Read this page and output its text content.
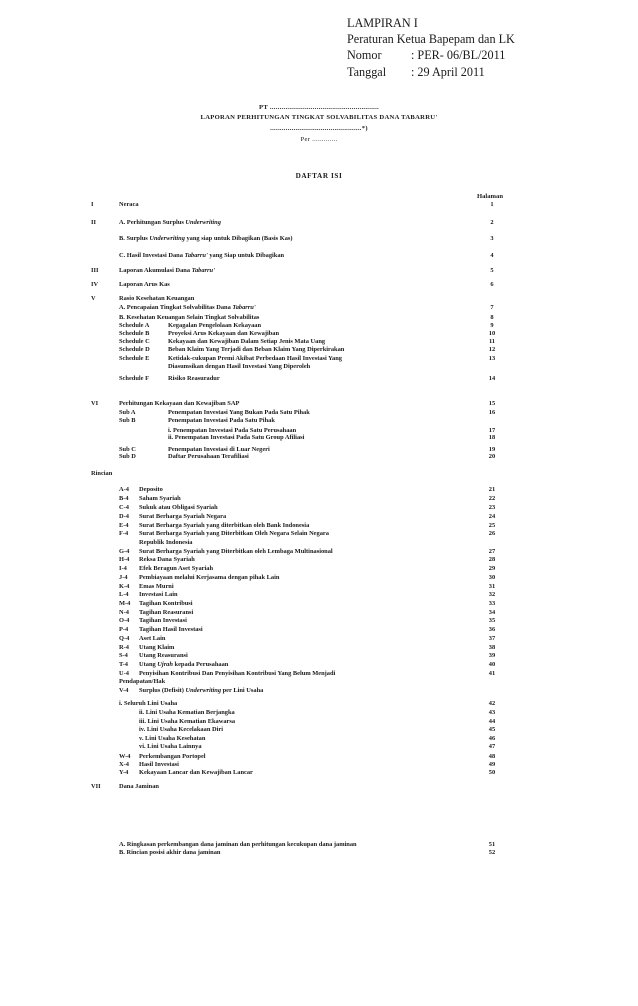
LAMPIRAN I
Peraturan Ketua Bapepam dan LK
Nomor : PER- 06/BL/2011
Tanggal : 29 April 2011
PT ........................................................
LAPORAN PERHITUNGAN TINGKAT SOLVABILITAS DANA TABARRU'
...............................................*)
Per .............
DAFTAR ISI
Halaman
I	Neraca	1
II	A. Perhitungan Surplus Underwriting	2
B. Surplus Underwriting yang siap untuk Dibagikan (Basis Kas)	3
C. Hasil Investasi Dana Tabarru' yang Siap untuk Dibagikan	4
III	Laporan Akumulasi Dana Tabarru'	5
IV	Laporan Arus Kas	6
V	Rasio Kesehatan Keuangan
A. Pencapaian Tingkat Solvabilitas Dana Tabarru'	7
B. Kesehatan Keuangan Selain Tingkat Solvabilitas	8
Schedule A	Kegagalan Pengelolaan Kekayaan	9
Schedule B	Proyeksi Arus Kekayaan dan Kewajiban	10
Schedule C	Kekayaan dan Kewajiban Dalam Setiap Jenis Mata Uang	11
Schedule D	Beban Klaim Yang Terjadi dan Beban Klaim Yang Diperkirakan	12
Schedule E	Ketidak-cukupan Premi Akibat Perbedaan Hasil Investasi Yang	13
Diasumsikan dengan Hasil Investasi Yang Diperoleh
Schedule F	Risiko Reasuradur	14
VI	Perhitungan Kekayaan dan Kewajiban SAP	15
Sub A	Penempatan Investasi Yang Bukan Pada Satu Pihak	16
Sub B	Penempatan Investasi Pada Satu Pihak
i. Penempatan Investasi Pada Satu Perusahaan	17
ii. Penempatan Investasi Pada Satu Group Afiliasi	18
Sub C	Penempatan Investasi di Luar Negeri	19
Sub D	Daftar Perusahaan Terafiliasi	20
Rincian
A-4 Deposito	21
B-4 Saham Syariah	22
C-4 Sukuk atau Obligasi Syariah	23
D-4 Surat Berharga Syariah Negara	24
E-4 Surat Berharga Syariah yang diterbitkan oleh Bank Indonesia	25
F-4 Surat Berharga Syariah yang Diterbitkan Oleh Negara Selain Negara	26
Republik Indonesia
G-4 Surat Berharga Syariah yang Diterbitkan oleh Lembaga Multinasional	27
H-4 Reksa Dana Syariah	28
I-4 Efek Beragun Aset Syariah	29
J-4 Pembiayaan melalui Kerjasama dengan pihak Lain	30
K-4 Emas Murni	31
L-4 Investasi Lain	32
M-4 Tagihan Kontribusi	33
N-4 Tagihan Reasuransi	34
O-4 Tagihan Investasi	35
P-4 Tagihan Hasil Investasi	36
Q-4 Aset Lain	37
R-4 Utang Klaim	38
S-4 Utang Reasuransi	39
T-4 Utang Ujrah kepada Perusahaan	40
U-4 Penyisihan Kontribusi Dan Penyisihan Kontribusi Yang Belum Menjadi	41
Pendapatan/Hak
V-4 Surplus (Defisit) Underwriting per Lini Usaha
i. Seluruh Lini Usaha	42
ii. Lini Usaha Kematian Berjangka	43
iii. Lini Usaha Kematian Ekawarsa	44
iv. Lini Usaha Kecelakaan Diri	45
v. Lini Usaha Kesehatan	46
vi. Lini Usaha Lainnya	47
W-4 Perkembangan Portopel	48
X-4 Hasil Investasi	49
Y-4 Kekayaan Lancar dan Kewajiban Lancar	50
VII	Dana Jaminan
A. Ringkasan perkembangan dana jaminan dan perhitungan kecukupan dana jaminan	51
B. Rincian posisi akhir dana jaminan	52
